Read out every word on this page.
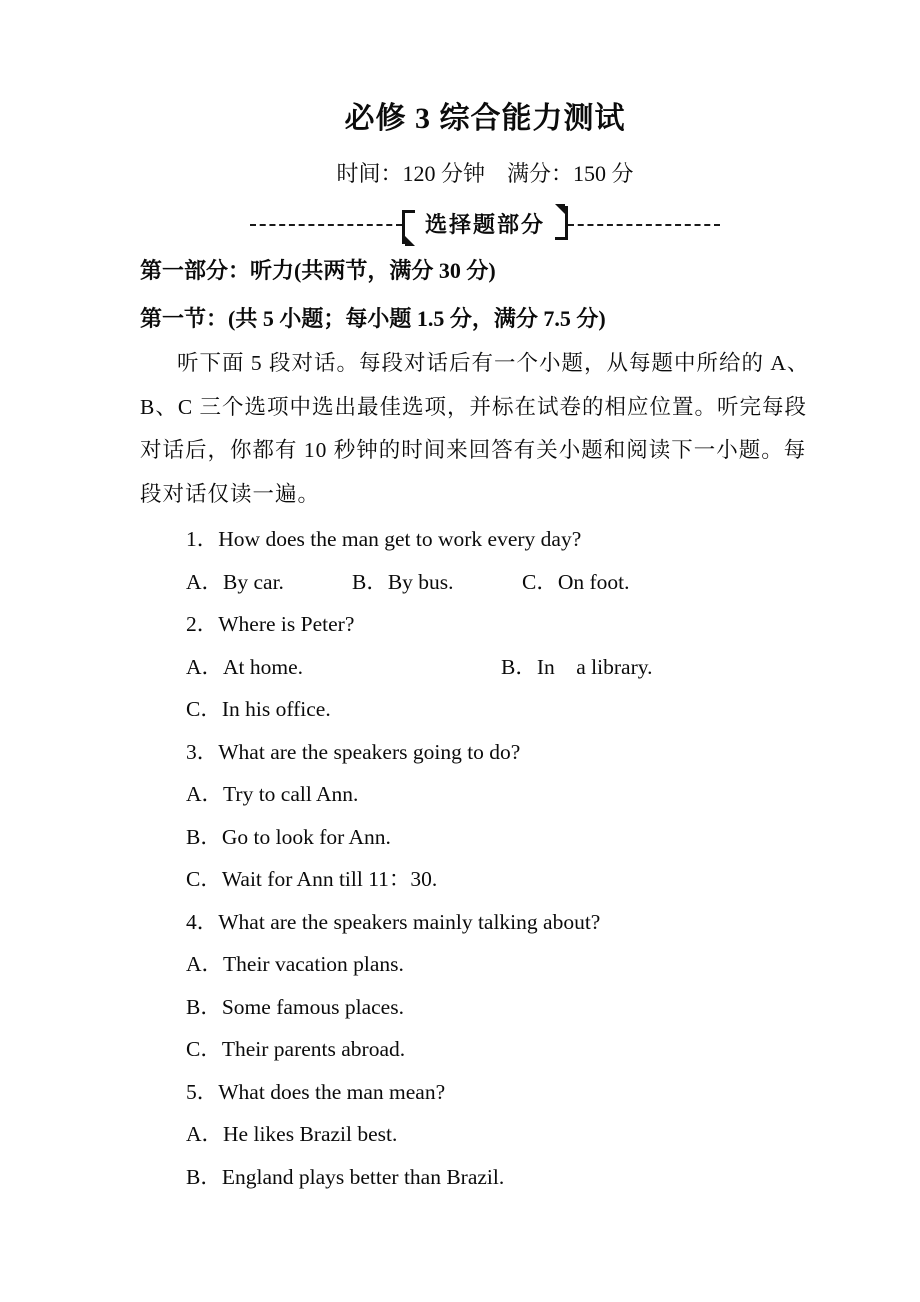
必修 3 综合能力测试
时间：120 分钟　满分：150 分
选择题部分
第一部分：听力(共两节，满分 30 分)
第一节：(共 5 小题；每小题 1.5 分，满分 7.5 分)
听下面 5 段对话。每段对话后有一个小题，从每题中所给的 A、
B、C 三个选项中选出最佳选项，并标在试卷的相应位置。听完每段
对话后，你都有 10 秒钟的时间来回答有关小题和阅读下一小题。每
段对话仅读一遍。
1．How does the man get to work every day?
A．By car.	B．By bus.	C．On foot.
2．Where is Peter?
A．At home.	B．In　a library.
C．In his office.
3．What are the speakers going to do?
A．Try to call Ann.
B．Go to look for Ann.
C．Wait for Ann till 11：30.
4．What are the speakers mainly talking about?
A．Their vacation plans.
B．Some famous places.
C．Their parents abroad.
5．What does the man mean?
A．He likes Brazil best.
B．England plays better than Brazil.
